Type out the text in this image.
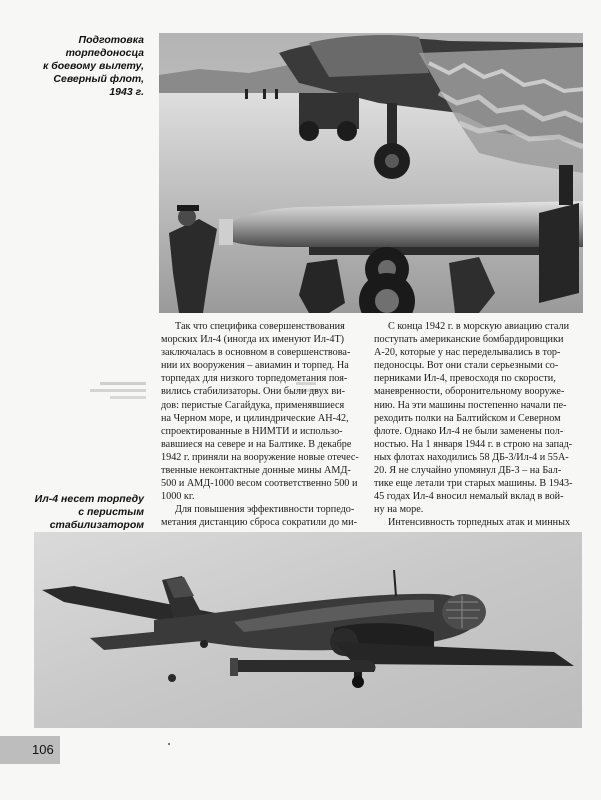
Подготовка
торпедоносца
к боевому вылету,
Северный флот,
1943 г.
Ил-4 несет торпеду
с перистым
стабилизатором

Так что специфика совершенствования
морских Ил-4 (иногда их именуют Ил-4Т)
заключалась в основном в совершенствова-
нии их вооружения – авиамин и торпед. На
торпедах для низкого торпедометания поя-
вились стабилизаторы. Они были двух ви-
дов: перистые Сагайдука, применявшиеся
на Черном море, и цилиндрические АН-42,
спроектированные в НИМТИ и использо-
вавшиеся на севере и на Балтике. В декабре
1942 г. приняли на вооружение новые отечес-
твенные неконтактные донные мины АМД-
500 и АМД-1000 весом соответственно 500 и
1000 кг.

Для повышения эффективности торпедо-
метания дистанцию сброса сократили до ми-

С конца 1942 г. в морскую авиацию стали
поступать американские бомбардировщики
А-20, которые у нас переделывались в тор-
педоносцы. Вот они стали серьезными со-
перниками Ил-4, превосходя по скорости,
маневренности, оборонительному вооруже-
нию. На эти машины постепенно начали пе-
реходить полки на Балтийском и Северном
флоте. Однако Ил-4 не были заменены пол-
ностью. На 1 января 1944 г. в строю на запад-
ных флотах находились 58 ДБ-3/Ил-4 и 55А-
20. Я не случайно упомянул ДБ-3 – на Бал-
тике еще летали три старых машины. В 1943-
45 годах Ил-4 вносил немалый вклад в вой-
ну на море.

Интенсивность торпедных атак и минных

106
